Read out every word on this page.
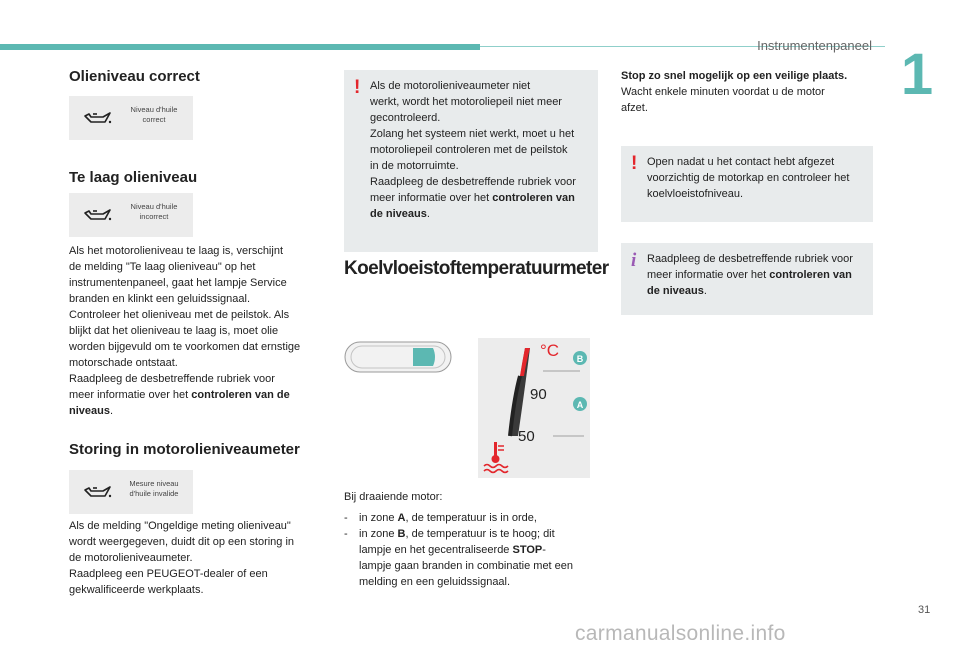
Instrumentenpaneel 1
Olieniveau correct
Niveau d'huile
correct
Te laag olieniveau
Niveau d'huile
incorrect

Als het motorolieniveau te laag is, verschijnt
de melding "Te laag olieniveau" op het
instrumentenpaneel, gaat het lampje Service
branden en klinkt een geluidssignaal.
Controleer het olieniveau met de peilstok. Als
blijkt dat het olieniveau te laag is, moet olie
worden bijgevuld om te voorkomen dat ernstige
motorschade ontstaat.
Raadpleeg de desbetreffende rubriek voor
meer informatie over het controleren van de
niveaus.

Storing in motorolieniveaumeter
Mesure niveau
d'huile invalide

Als de melding "Ongeldige meting olieniveau"
wordt weergegeven, duidt dit op een storing in
de motorolieniveaumeter.
Raadpleeg een PEUGEOT-dealer of een
gekwalificeerde werkplaats.

! Als de motorolieniveaumeter niet
werkt, wordt het motoroliepeil niet meer
gecontroleerd.
Zolang het systeem niet werkt, moet u het
motoroliepeil controleren met de peilstok
in de motorruimte.
Raadpleeg de desbetreffende rubriek voor
meer informatie over het controleren van
de niveaus.
Koelvloeistoftemperatuurmeter
°C
90
50
B
A

Bij draaiende motor:

- in zone A, de temperatuur is in orde,
- in zone B, de temperatuur is te hoog; dit
lampje en het gecentraliseerde STOP-
lampje gaan branden in combinatie met een
melding en een geluidssignaal.

Stop zo snel mogelijk op een veilige plaats.
Wacht enkele minuten voordat u de motor
afzet.

! Open nadat u het contact hebt afgezet
voorzichtig de motorkap en controleer het
koelvloeistofniveau.
i Raadpleeg de desbetreffende rubriek voor
meer informatie over het controleren van
de niveaus.
31
carmanualsonline.info
